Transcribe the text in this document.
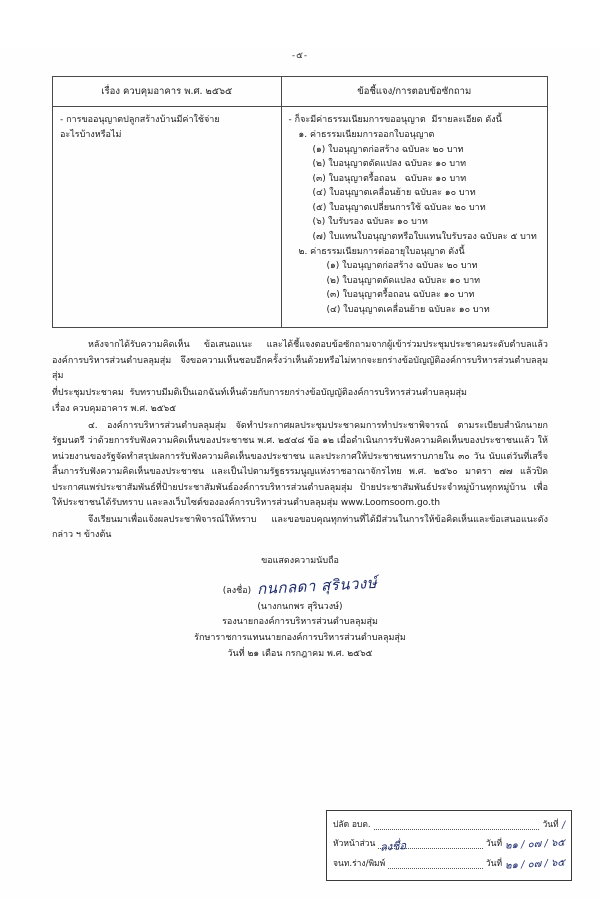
-๕-
เรื่อง ควบคุมอาคาร พ.ศ. ๒๕๖๕	ข้อชี้แจง/การตอบข้อซักถาม

- การขออนุญาตปลูกสร้างบ้านมีค่าใช้จ่าย
อะไรบ้างหรือไม่

- ก็จะมีค่าธรรมเนียมการขออนุญาต  มีรายละเอียด ดังนี้
๑. ค่าธรรมเนียมการออกใบอนุญาต
(๑) ใบอนุญาตก่อสร้าง ฉบับละ ๒๐ บาท
(๒) ใบอนุญาตดัดแปลง ฉบับละ ๑๐ บาท
(๓) ใบอนุญาตรื้อถอน   ฉบับละ ๑๐ บาท
(๔) ใบอนุญาตเคลื่อนย้าย ฉบับละ ๑๐ บาท
(๕) ใบอนุญาตเปลี่ยนการใช้ ฉบับละ ๒๐ บาท
(๖) ใบรับรอง ฉบับละ ๑๐ บาท
(๗) ใบแทนใบอนุญาตหรือใบแทนใบรับรอง ฉบับละ ๕ บาท
๒. ค่าธรรมเนียมการต่ออายุใบอนุญาต ดังนี้
(๑) ใบอนุญาตก่อสร้าง ฉบับละ ๒๐ บาท
(๒) ใบอนุญาตดัดแปลง ฉบับละ ๑๐ บาท
(๓) ใบอนุญาตรื้อถอน ฉบับละ ๑๐ บาท
(๔) ใบอนุญาตเคลื่อนย้าย ฉบับละ ๑๐ บาท

หลังจากได้รับความคิดเห็น ข้อเสนอแนะ และได้ชี้แจงตอบข้อซักถามจากผู้เข้าร่วมประชุมประชาคมระดับตำบลแล้ว องค์การบริหารส่วนตำบลลุมสุ่ม จึงขอความเห็นชอบอีกครั้งว่าเห็นด้วยหรือไม่หากจะยกร่างข้อบัญญัติองค์การบริหารส่วนตำบลลุมสุ่ม

ที่ประชุมประชาคม  รับทราบมีมติเป็นเอกฉันท์เห็นด้วยกับการยกร่างข้อบัญญัติองค์การบริหารส่วนตำบลลุมสุ่ม

เรื่อง ควบคุมอาคาร พ.ศ. ๒๕๖๕

๔. องค์การบริหารส่วนตำบลลุมสุ่ม จัดทำประกาศผลประชุมประชาคมการทำประชาพิจารณ์ ตามระเบียบสำนักนายกรัฐมนตรี ว่าด้วยการรับฟังความคิดเห็นของประชาชน พ.ศ. ๒๕๔๘ ข้อ ๑๒ เมื่อดำเนินการรับฟังความคิดเห็นของประชาชนแล้ว ให้หน่วยงานของรัฐจัดทำสรุปผลการรับฟังความคิดเห็นของประชาชน และประกาศให้ประชาชนทราบภายใน ๓๐ วัน นับแต่วันที่เสร็จสิ้นการรับฟังความคิดเห็นของประชาชน และเป็นไปตามรัฐธรรมนูญแห่งราชอาณาจักรไทย พ.ศ. ๒๕๖๐ มาตรา ๗๗ แล้วปิดประกาศแพร่ประชาสัมพันธ์ที่ป้ายประชาสัมพันธ์องค์การบริหารส่วนตำบลลุมสุ่ม ป้ายประชาสัมพันธ์ประจำหมู่บ้านทุกหมู่บ้าน เพื่อให้ประชาชนได้รับทราบ และลงเว็บไซต์ขององค์การบริหารส่วนตำบลลุมสุ่ม www.Loomsoom.go.th

จึงเรียนมาเพื่อแจ้งผลประชาพิจารณ์ให้ทราบ และขอขอบคุณทุกท่านที่ได้มีส่วนในการให้ข้อคิดเห็นและข้อเสนอแนะดังกล่าว ฯ ข้างต้น

ขอแสดงความนับถือ
(ลงชื่อ) กนกลดา สุรินวงษ์
(นางกนกพร สุรินวงษ์)
รองนายกองค์การบริหารส่วนตำบลลุมสุ่ม
รักษาราชการแทนนายกองค์การบริหารส่วนตำบลลุมสุ่ม
วันที่ ๒๑ เดือน กรกฎาคม พ.ศ. ๒๕๖๕
ปลัด อบต.	วันที่ /
หัวหน้าส่วน ลงชื่อ	วันที่ ๒๑ / ๐๗ / ๖๕
จนท.ร่าง/พิมพ์	วันที่ ๒๑ / ๐๗ / ๖๕
